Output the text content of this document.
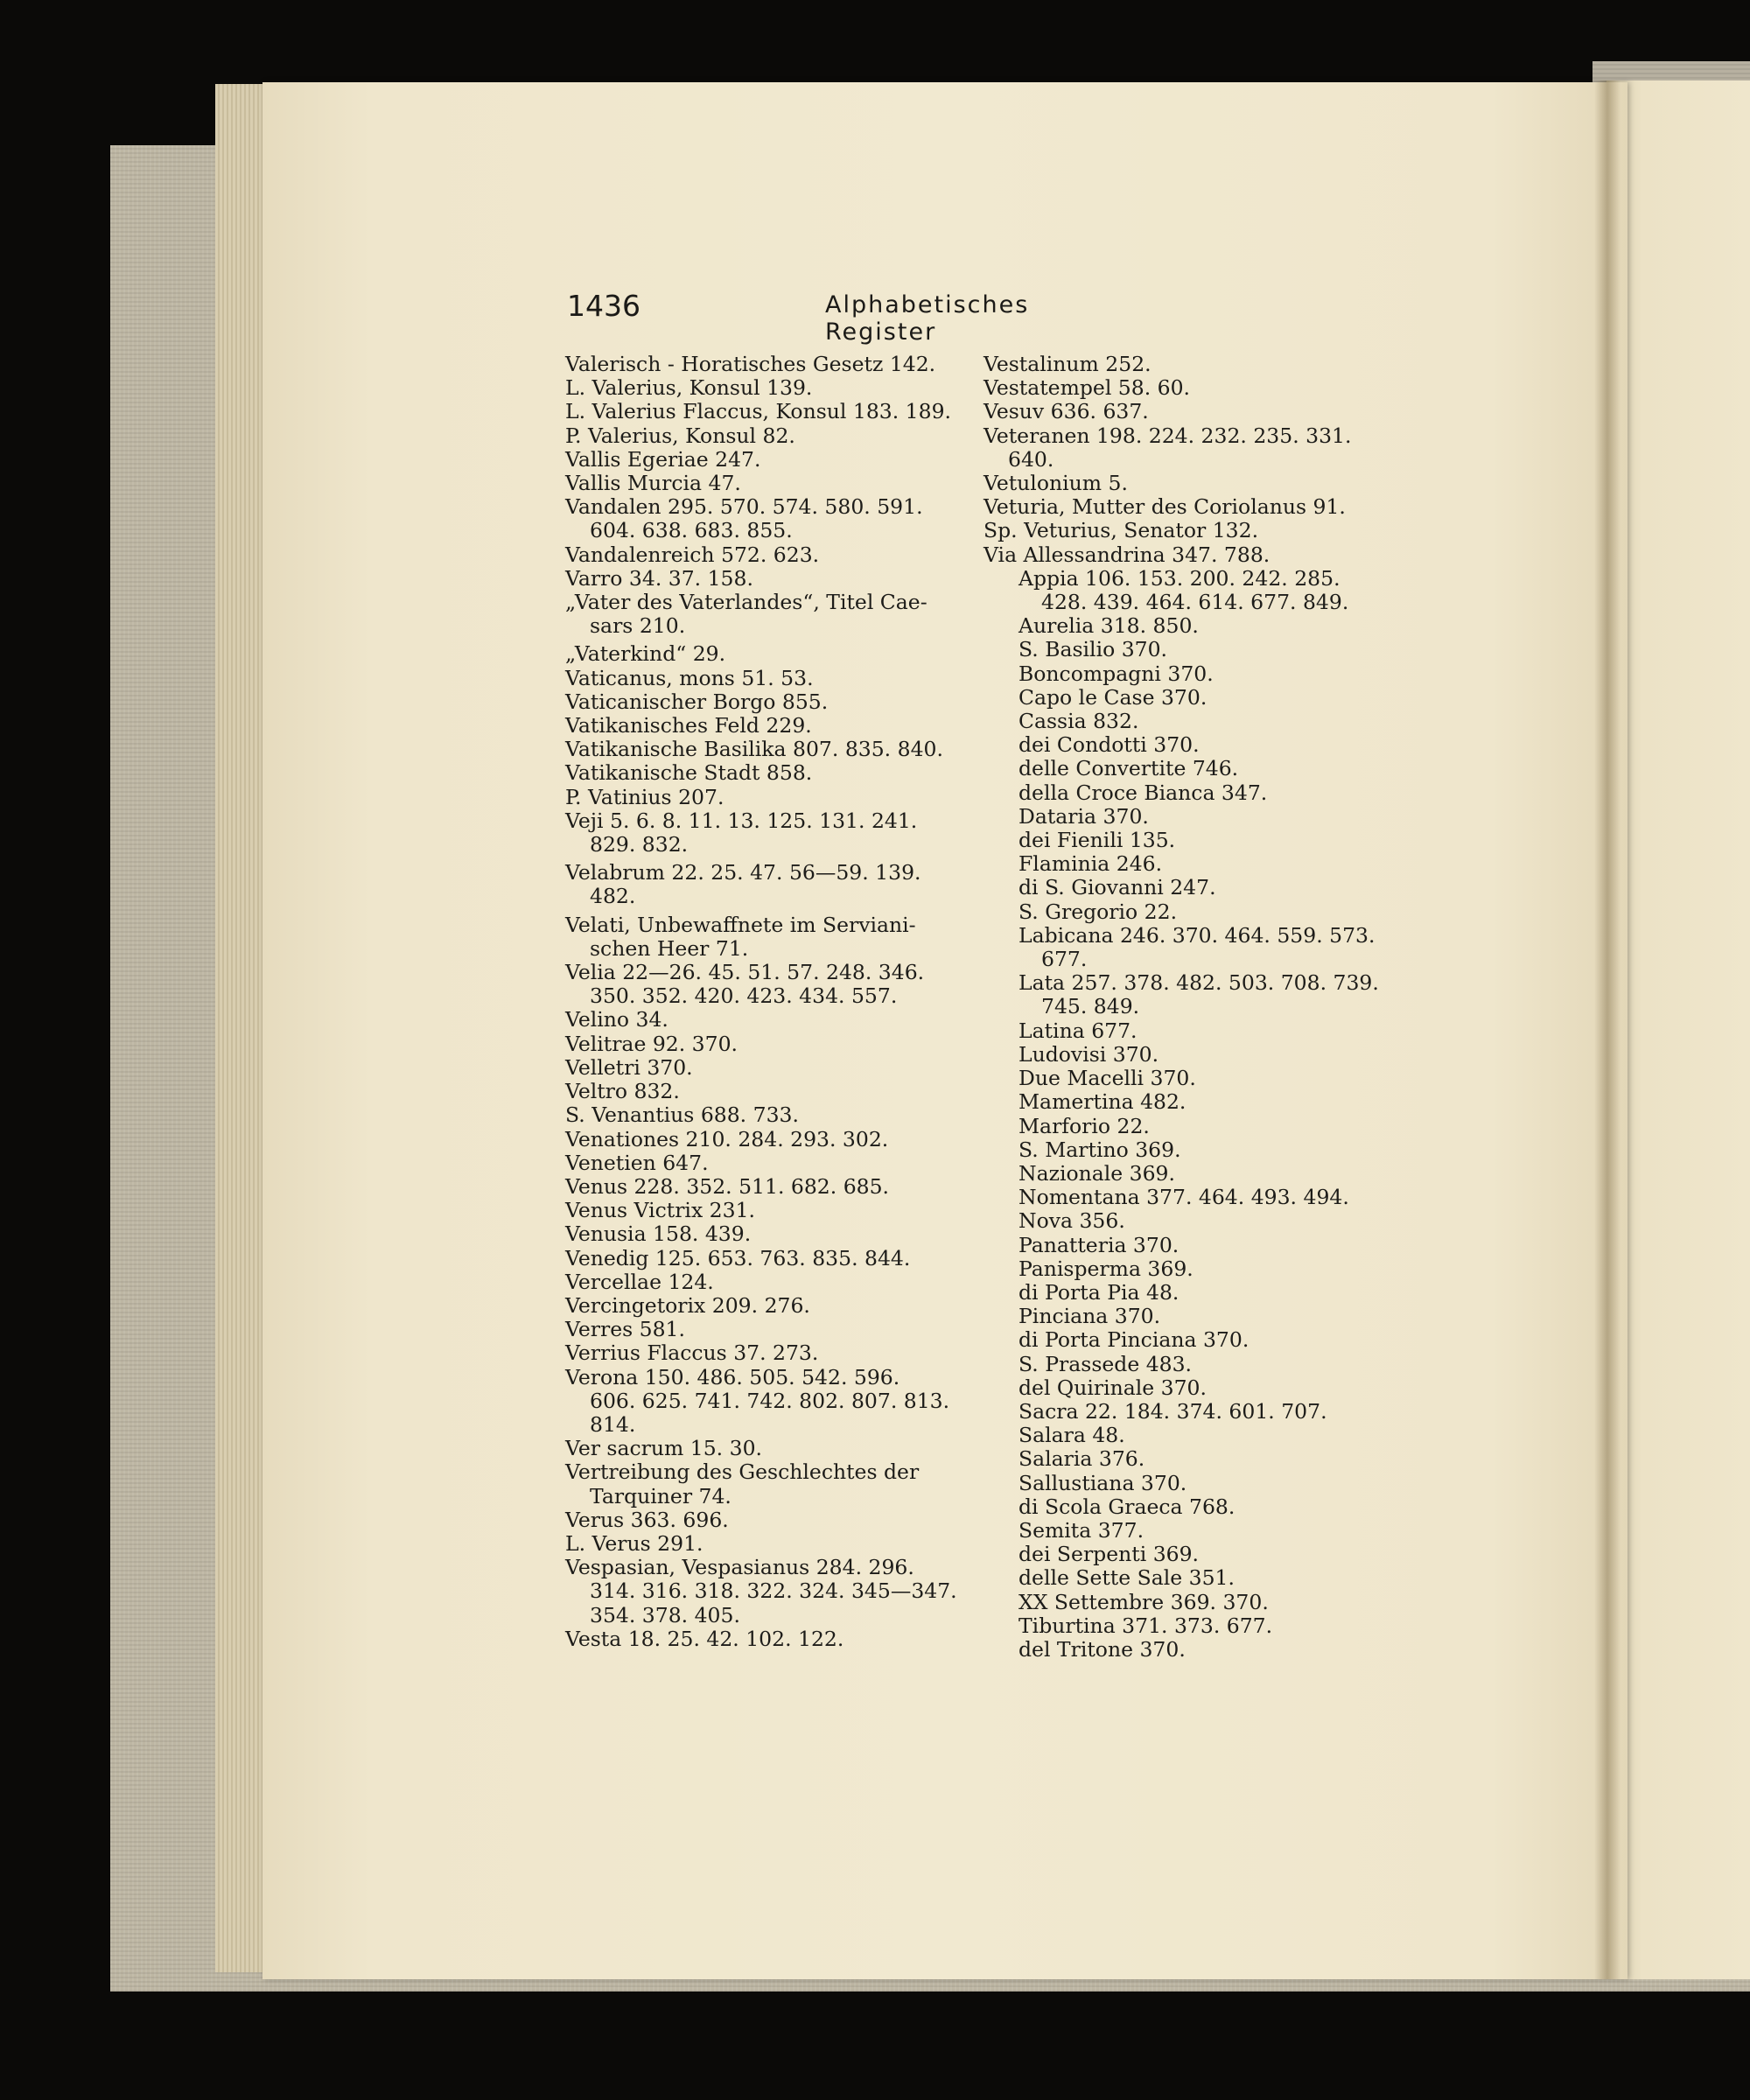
1436	Alphabetisches Register
Valerisch - Horatisches Gesetz 142.
L. Valerius, Konsul 139.
L. Valerius Flaccus, Konsul 183. 189.
P. Valerius, Konsul 82.
Vallis Egeriae 247.
Vallis Murcia 47.
Vandalen 295. 570. 574. 580. 591.
604. 638. 683. 855.
Vandalenreich 572. 623.
Varro 34. 37. 158.
„Vater des Vaterlandes“, Titel Cae-
sars 210.
„Vaterkind“ 29.
Vaticanus, mons 51. 53.
Vaticanischer Borgo 855.
Vatikanisches Feld 229.
Vatikanische Basilika 807. 835. 840.
Vatikanische Stadt 858.
P. Vatinius 207.
Veji 5. 6. 8. 11. 13. 125. 131. 241.
829. 832.
Velabrum 22. 25. 47. 56—59. 139.
482.
Velati, Unbewaffnete im Serviani-
schen Heer 71.
Velia 22—26. 45. 51. 57. 248. 346.
350. 352. 420. 423. 434. 557.
Velino 34.
Velitrae 92. 370.
Velletri 370.
Veltro 832.
S. Venantius 688. 733.
Venationes 210. 284. 293. 302.
Venetien 647.
Venus 228. 352. 511. 682. 685.
Venus Victrix 231.
Venusia 158. 439.
Venedig 125. 653. 763. 835. 844.
Vercellae 124.
Vercingetorix 209. 276.
Verres 581.
Verrius Flaccus 37. 273.
Verona 150. 486. 505. 542. 596.
606. 625. 741. 742. 802. 807. 813.
814.
Ver sacrum 15. 30.
Vertreibung des Geschlechtes der
Tarquiner 74.
Verus 363. 696.
L. Verus 291.
Vespasian, Vespasianus 284. 296.
314. 316. 318. 322. 324. 345—347.
354. 378. 405.
Vesta 18. 25. 42. 102. 122.
Vestalinum 252.
Vestatempel 58. 60.
Vesuv 636. 637.
Veteranen 198. 224. 232. 235. 331.
640.
Vetulonium 5.
Veturia, Mutter des Coriolanus 91.
Sp. Veturius, Senator 132.
Via Allessandrina 347. 788.
Appia 106. 153. 200. 242. 285.
428. 439. 464. 614. 677. 849.
Aurelia 318. 850.
S. Basilio 370.
Boncompagni 370.
Capo le Case 370.
Cassia 832.
dei Condotti 370.
delle Convertite 746.
della Croce Bianca 347.
Dataria 370.
dei Fienili 135.
Flaminia 246.
di S. Giovanni 247.
S. Gregorio 22.
Labicana 246. 370. 464. 559. 573.
677.
Lata 257. 378. 482. 503. 708. 739.
745. 849.
Latina 677.
Ludovisi 370.
Due Macelli 370.
Mamertina 482.
Marforio 22.
S. Martino 369.
Nazionale 369.
Nomentana 377. 464. 493. 494.
Nova 356.
Panatteria 370.
Panisperma 369.
di Porta Pia 48.
Pinciana 370.
di Porta Pinciana 370.
S. Prassede 483.
del Quirinale 370.
Sacra 22. 184. 374. 601. 707.
Salara 48.
Salaria 376.
Sallustiana 370.
di Scola Graeca 768.
Semita 377.
dei Serpenti 369.
delle Sette Sale 351.
XX Settembre 369. 370.
Tiburtina 371. 373. 677.
del Tritone 370.
